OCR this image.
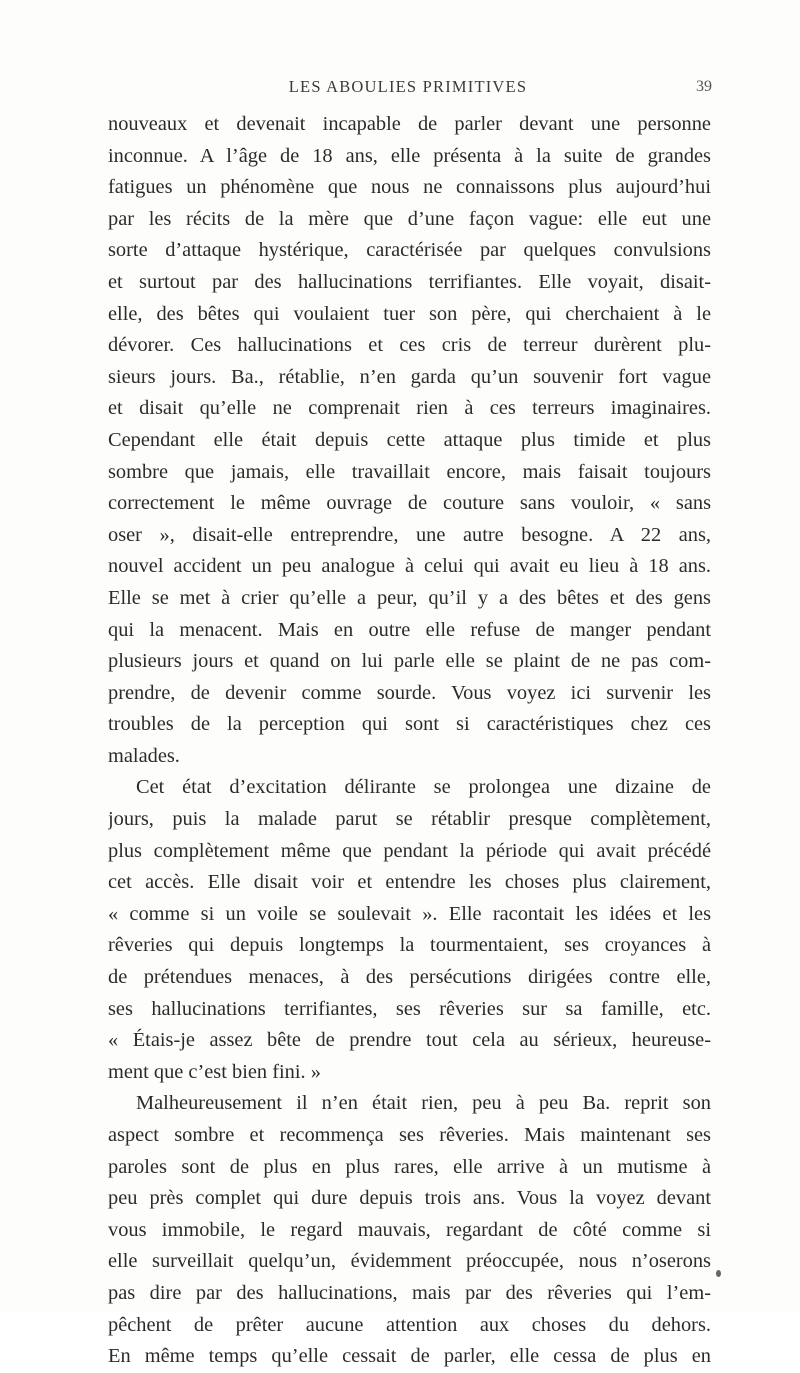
LES ABOULIES PRIMITIVES	39
nouveaux et devenait incapable de parler devant une personne
inconnue. A l’âge de 18 ans, elle présenta à la suite de grandes
fatigues un phénomène que nous ne connaissons plus aujourd’hui
par les récits de la mère que d’une façon vague: elle eut une
sorte d’attaque hystérique, caractérisée par quelques convulsions
et surtout par des hallucinations terrifiantes. Elle voyait, disait-
elle, des bêtes qui voulaient tuer son père, qui cherchaient à le
dévorer. Ces hallucinations et ces cris de terreur durèrent plu-
sieurs jours. Ba., rétablie, n’en garda qu’un souvenir fort vague
et disait qu’elle ne comprenait rien à ces terreurs imaginaires.
Cependant elle était depuis cette attaque plus timide et plus
sombre que jamais, elle travaillait encore, mais faisait toujours
correctement le même ouvrage de couture sans vouloir, « sans
oser », disait-elle entreprendre, une autre besogne. A 22 ans,
nouvel accident un peu analogue à celui qui avait eu lieu à 18 ans.
Elle se met à crier qu’elle a peur, qu’il y a des bêtes et des gens
qui la menacent. Mais en outre elle refuse de manger pendant
plusieurs jours et quand on lui parle elle se plaint de ne pas com-
prendre, de devenir comme sourde. Vous voyez ici survenir les
troubles de la perception qui sont si caractéristiques chez ces
malades.
Cet état d’excitation délirante se prolongea une dizaine de
jours, puis la malade parut se rétablir presque complètement,
plus complètement même que pendant la période qui avait précédé
cet accès. Elle disait voir et entendre les choses plus clairement,
« comme si un voile se soulevait ». Elle racontait les idées et les
rêveries qui depuis longtemps la tourmentaient, ses croyances à
de prétendues menaces, à des persécutions dirigées contre elle,
ses hallucinations terrifiantes, ses rêveries sur sa famille, etc.
« Étais-je assez bête de prendre tout cela au sérieux, heureuse-
ment que c’est bien fini. »
Malheureusement il n’en était rien, peu à peu Ba. reprit son
aspect sombre et recommença ses rêveries. Mais maintenant ses
paroles sont de plus en plus rares, elle arrive à un mutisme à
peu près complet qui dure depuis trois ans. Vous la voyez devant
vous immobile, le regard mauvais, regardant de côté comme si
elle surveillait quelqu’un, évidemment préoccupée, nous n’oserons
pas dire par des hallucinations, mais par des rêveries qui l’em-
pêchent de prêter aucune attention aux choses du dehors.
En même temps qu’elle cessait de parler, elle cessa de plus en
